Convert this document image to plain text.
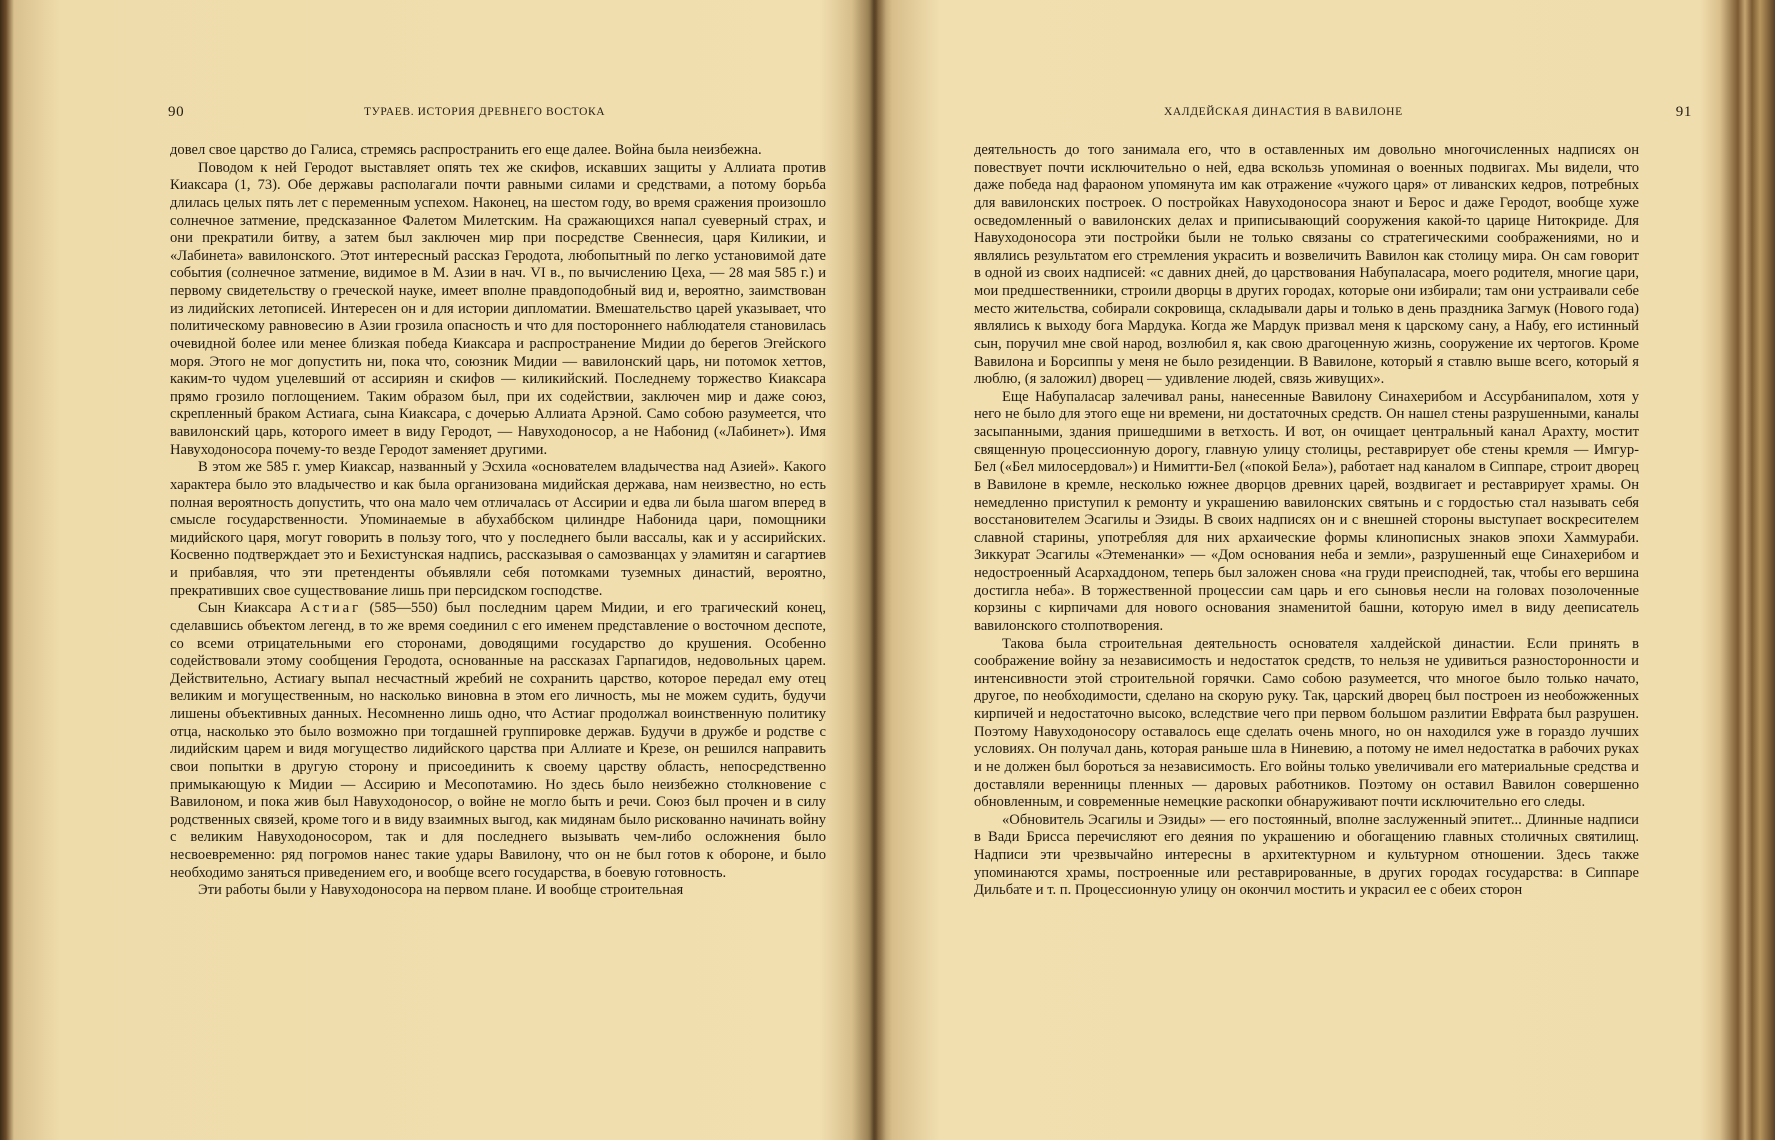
90	ТУРАЕВ. ИСТОРИЯ ДРЕВНЕГО ВОСТОКА

довел свое царство до Галиса, стремясь распространить его еще далее. Война была неизбежна.

Поводом к ней Геродот выставляет опять тех же скифов, искавших защиты у Аллиата против Киаксара (1, 73). Обе державы располагали почти равными силами и средствами, а потому борьба длилась целых пять лет с переменным успехом. Наконец, на шестом году, во время сражения произошло солнечное затмение, предсказанное Фалетом Милетским. На сражающихся напал суеверный страх, и они прекратили битву, а затем был заключен мир при посредстве Свеннесия, царя Киликии, и «Лабинета» вавилонского. Этот интересный рассказ Геродота, любопытный по легко установимой дате события (солнечное затмение, видимое в М. Азии в нач. VI в., по вычислению Цеха, — 28 мая 585 г.) и первому свидетельству о греческой науке, имеет вполне правдоподобный вид и, вероятно, заимствован из лидийских летописей. Интересен он и для истории дипломатии. Вмешательство царей указывает, что политическому равновесию в Азии грозила опасность и что для постороннего наблюдателя становилась очевидной более или менее близкая победа Киаксара и распространение Мидии до берегов Эгейского моря. Этого не мог допустить ни, пока что, союзник Мидии — вавилонский царь, ни потомок хеттов, каким-то чудом уцелевший от ассириян и скифов — киликийский. Последнему торжество Киаксара прямо грозило поглощением. Таким образом был, при их содействии, заключен мир и даже союз, скрепленный браком Астиага, сына Киаксара, с дочерью Аллиата Арэной. Само собою разумеется, что вавилонский царь, которого имеет в виду Геродот, — Навуходоносор, а не Набонид («Лабинет»). Имя Навуходоносора почему-то везде Геродот заменяет другими.

В этом же 585 г. умер Киаксар, названный у Эсхила «основателем владычества над Азией». Какого характера было это владычество и как была организована мидийская держава, нам неизвестно, но есть полная вероятность допустить, что она мало чем отличалась от Ассирии и едва ли была шагом вперед в смысле государственности. Упоминаемые в абухаббском цилиндре Набонида цари, помощники мидийского царя, могут говорить в пользу того, что у последнего были вассалы, как и у ассирийских. Косвенно подтверждает это и Бехистунская надпись, рассказывая о самозванцах у эламитян и сагартиев и прибавляя, что эти претенденты объявляли себя потомками туземных династий, вероятно, прекративших свое существование лишь при персидском господстве.

Сын Киаксара Астиаг (585—550) был последним царем Мидии, и его трагический конец, сделавшись объектом легенд, в то же время соединил с его именем представление о восточном деспоте, со всеми отрицательными его сторонами, доводящими государство до крушения. Особенно содействовали этому сообщения Геродота, основанные на рассказах Гарпагидов, недовольных царем. Действительно, Астиагу выпал несчастный жребий не сохранить царство, которое передал ему отец великим и могущественным, но насколько виновна в этом его личность, мы не можем судить, будучи лишены объективных данных. Несомненно лишь одно, что Астиаг продолжал воинственную политику отца, насколько это было возможно при тогдашней группировке держав. Будучи в дружбе и родстве с лидийским царем и видя могущество лидийского царства при Аллиате и Крезе, он решился направить свои попытки в другую сторону и присоединить к своему царству область, непосредственно примыкающую к Мидии — Ассирию и Месопотамию. Но здесь было неизбежно столкновение с Вавилоном, и пока жив был Навуходоносор, о войне не могло быть и речи. Союз был прочен и в силу родственных связей, кроме того и в виду взаимных выгод, как мидянам было рискованно начинать войну с великим Навуходоносором, так и для последнего вызывать чем-либо осложнения было несвоевременно: ряд погромов нанес такие удары Вавилону, что он не был готов к обороне, и было необходимо заняться приведением его, и вообще всего государства, в боевую готовность.

Эти работы были у Навуходоносора на первом плане. И вообще строительная

ХАЛДЕЙСКАЯ ДИНАСТИЯ В ВАВИЛОНЕ	91

деятельность до того занимала его, что в оставленных им довольно многочисленных надписях он повествует почти исключительно о ней, едва вскользь упоминая о военных подвигах. Мы видели, что даже победа над фараоном упомянута им как отражение «чужого царя» от ливанских кедров, потребных для вавилонских построек. О постройках Навуходоносора знают и Берос и даже Геродот, вообще хуже осведомленный о вавилонских делах и приписывающий сооружения какой-то царице Нитокриде. Для Навуходоносора эти постройки были не только связаны со стратегическими соображениями, но и являлись результатом его стремления украсить и возвеличить Вавилон как столицу мира. Он сам говорит в одной из своих надписей: «с давних дней, до царствования Набупаласара, моего родителя, многие цари, мои предшественники, строили дворцы в других городах, которые они избирали; там они устраивали себе место жительства, собирали сокровища, складывали дары и только в день праздника Загмук (Нового года) являлись к выходу бога Мардука. Когда же Мардук призвал меня к царскому сану, а Набу, его истинный сын, поручил мне свой народ, возлюбил я, как свою драгоценную жизнь, сооружение их чертогов. Кроме Вавилона и Борсиппы у меня не было резиденции. В Вавилоне, который я ставлю выше всего, который я люблю, (я заложил) дворец — удивление людей, связь живущих».

Еще Набупаласар залечивал раны, нанесенные Вавилону Синахерибом и Ассурбанипалом, хотя у него не было для этого еще ни времени, ни достаточных средств. Он нашел стены разрушенными, каналы засыпанными, здания пришедшими в ветхость. И вот, он очищает центральный канал Арахту, мостит священную процессионную дорогу, главную улицу столицы, реставрирует обе стены кремля — Имгур-Бел («Бел милосердовал») и Нимитти-Бел («покой Бела»), работает над каналом в Сиппаре, строит дворец в Вавилоне в кремле, несколько южнее дворцов древних царей, воздвигает и реставрирует храмы. Он немедленно приступил к ремонту и украшению вавилонских святынь и с гордостью стал называть себя восстановителем Эсагилы и Эзиды. В своих надписях он и с внешней стороны выступает воскресителем славной старины, употребляя для них архаические формы клинописных знаков эпохи Хаммураби. Зиккурат Эсагилы «Этеменанки» — «Дом основания неба и земли», разрушенный еще Синахерибом и недостроенный Асархаддоном, теперь был заложен снова «на груди преисподней, так, чтобы его вершина достигла неба». В торжественной процессии сам царь и его сыновья несли на головах позолоченные корзины с кирпичами для нового основания знаменитой башни, которую имел в виду дееписатель вавилонского столпотворения.

Такова была строительная деятельность основателя халдейской династии. Если принять в соображение войну за независимость и недостаток средств, то нельзя не удивиться разносторонности и интенсивности этой строительной горячки. Само собою разумеется, что многое было только начато, другое, по необходимости, сделано на скорую руку. Так, царский дворец был построен из необожженных кирпичей и недостаточно высоко, вследствие чего при первом большом разлитии Евфрата был разрушен. Поэтому Навуходоносору оставалось еще сделать очень много, но он находился уже в гораздо лучших условиях. Он получал дань, которая раньше шла в Ниневию, а потому не имел недостатка в рабочих руках и не должен был бороться за независимость. Его войны только увеличивали его материальные средства и доставляли веренницы пленных — даровых работников. Поэтому он оставил Вавилон совершенно обновленным, и современные немецкие раскопки обнаруживают почти исключительно его следы.

«Обновитель Эсагилы и Эзиды» — его постоянный, вполне заслуженный эпитет... Длинные надписи в Вади Брисса перечисляют его деяния по украшению и обогащению главных столичных святилищ. Надписи эти чрезвычайно интересны в архитектурном и культурном отношении. Здесь также упоминаются храмы, построенные или реставрированные, в других городах государства: в Сиппаре Дильбате и т. п. Процессионную улицу он окончил мостить и украсил ее с обеих сторон
